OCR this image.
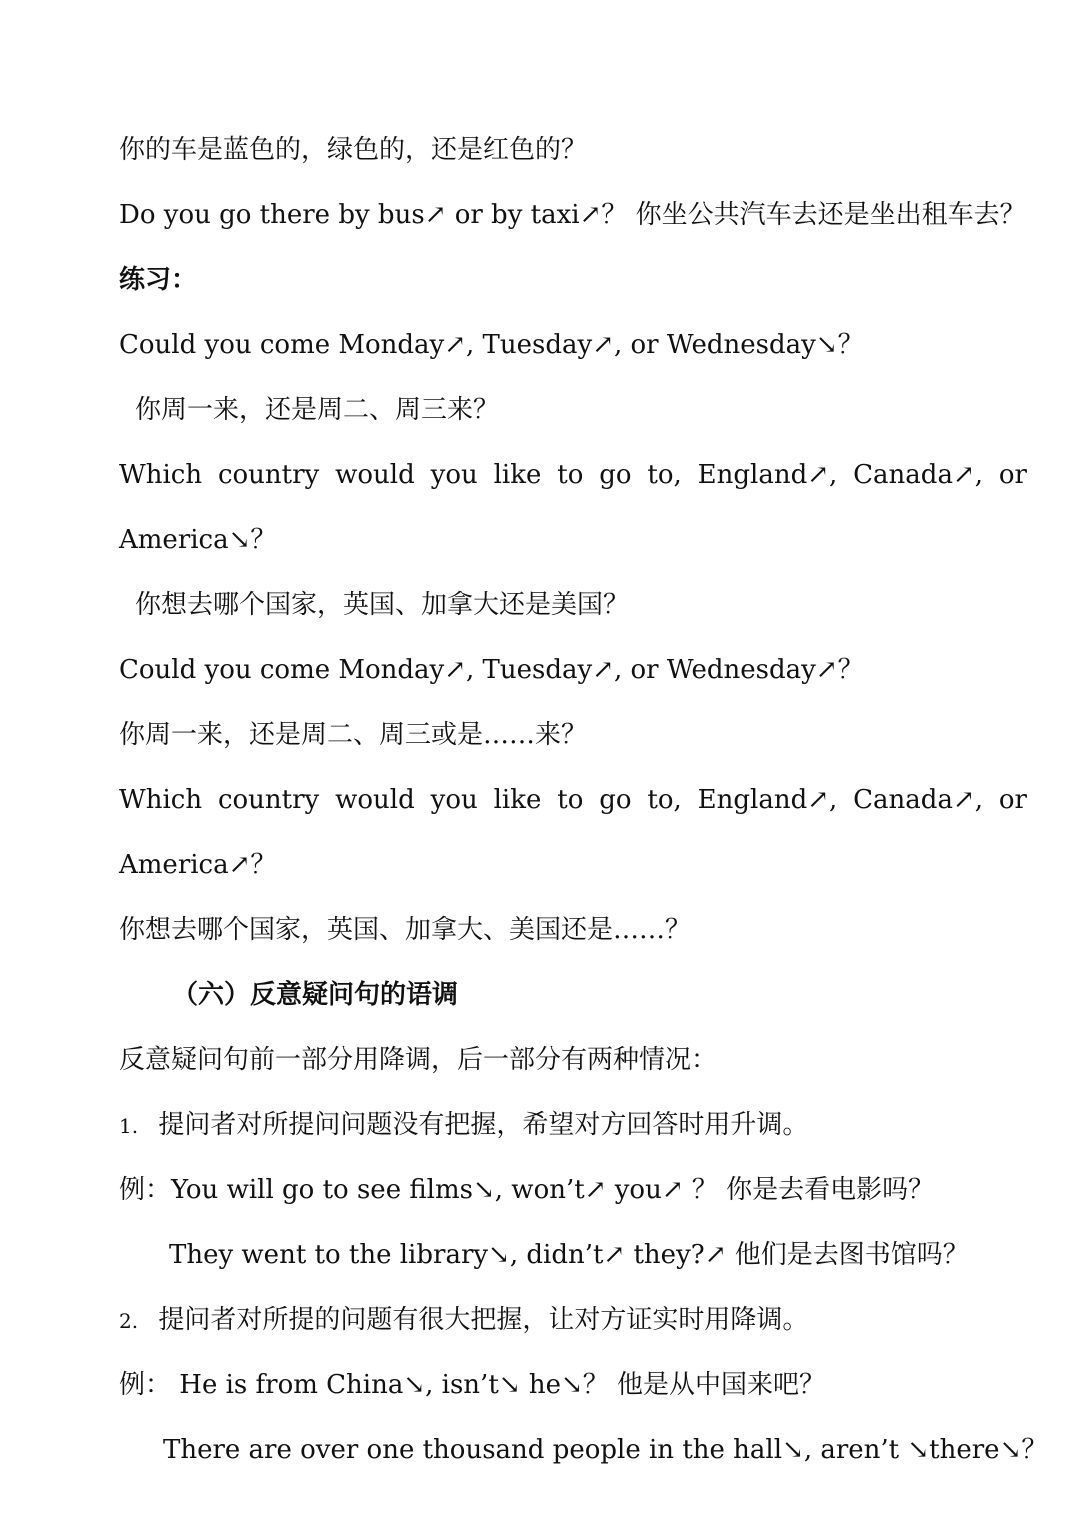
你的车是蓝色的，绿色的，还是红色的？
Do you go there by bus↗ or by taxi↗？ 你坐公共汽车去还是坐出租车去？
练习：
Could you come Monday↗, Tuesday↗, or Wednesday↘？
你周一来，还是周二、周三来？
Which country would you like to go to, England↗, Canada↗, or
America↘？
你想去哪个国家，英国、加拿大还是美国？
Could you come Monday↗, Tuesday↗, or Wednesday↗？
你周一来，还是周二、周三或是……来？
Which country would you like to go to, England↗, Canada↗, or
America↗？
你想去哪个国家，英国、加拿大、美国还是……？
（六）反意疑问句的语调
反意疑问句前一部分用降调，后一部分有两种情况：
1. 提问者对所提问问题没有把握，希望对方回答时用升调。
例：You will go to see films↘, won’t↗ you↗ ？ 你是去看电影吗？
They went to the library↘, didn’t↗ they?↗ 他们是去图书馆吗？
2. 提问者对所提的问题有很大把握，让对方证实时用降调。
例： He is from China↘, isn’t↘ he↘？ 他是从中国来吧？
There are over one thousand people in the hall↘, aren’t ↘there↘？
